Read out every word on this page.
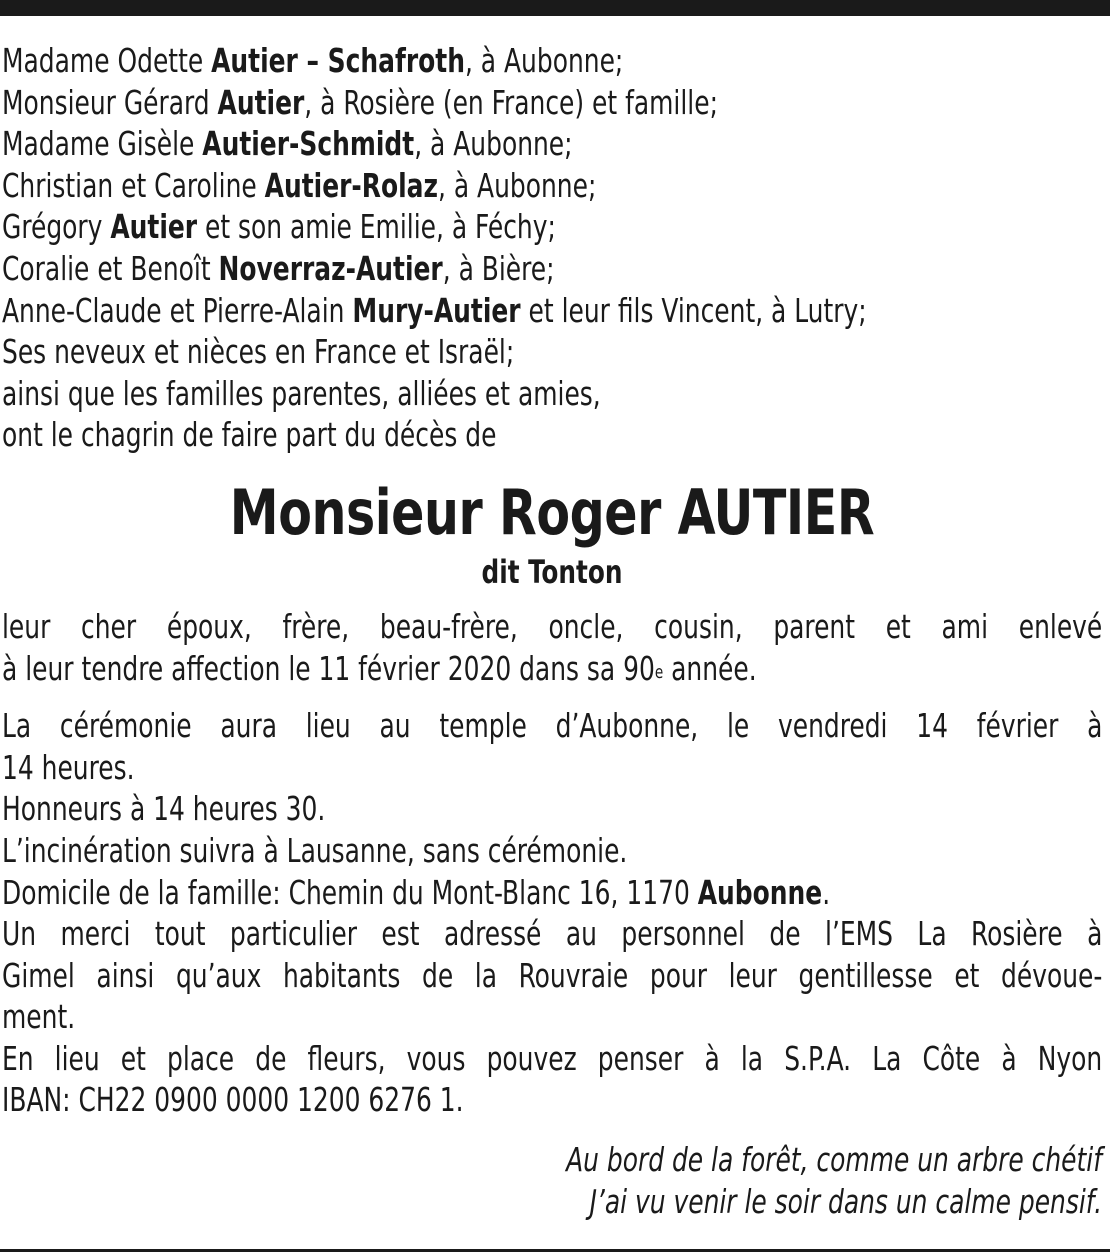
Madame Odette Autier – Schafroth, à Aubonne;
Monsieur Gérard Autier, à Rosière (en France) et famille;
Madame Gisèle Autier-Schmidt, à Aubonne;
Christian et Caroline Autier-Rolaz, à Aubonne;
Grégory Autier et son amie Emilie, à Féchy;
Coralie et Benoît Noverraz-Autier, à Bière;
Anne-Claude et Pierre-Alain Mury-Autier et leur fils Vincent, à Lutry;
Ses neveux et nièces en France et Israël;
ainsi que les familles parentes, alliées et amies,
ont le chagrin de faire part du décès de
Monsieur Roger AUTIER
dit Tonton
leur cher époux, frère, beau-frère, oncle, cousin, parent et ami enlevé
à leur tendre affection le 11 février 2020 dans sa 90e année.
La cérémonie aura lieu au temple d’Aubonne, le vendredi 14 février à
14 heures.
Honneurs à 14 heures 30.
L’incinération suivra à Lausanne, sans cérémonie.
Domicile de la famille: Chemin du Mont-Blanc 16, 1170 Aubonne.
Un merci tout particulier est adressé au personnel de l’EMS La Rosière à
Gimel ainsi qu’aux habitants de la Rouvraie pour leur gentillesse et dévoue-
ment.
En lieu et place de fleurs, vous pouvez penser à la S.P.A. La Côte à Nyon
IBAN: CH22 0900 0000 1200 6276 1.
Au bord de la forêt, comme un arbre chétif
J’ai vu venir le soir dans un calme pensif.
